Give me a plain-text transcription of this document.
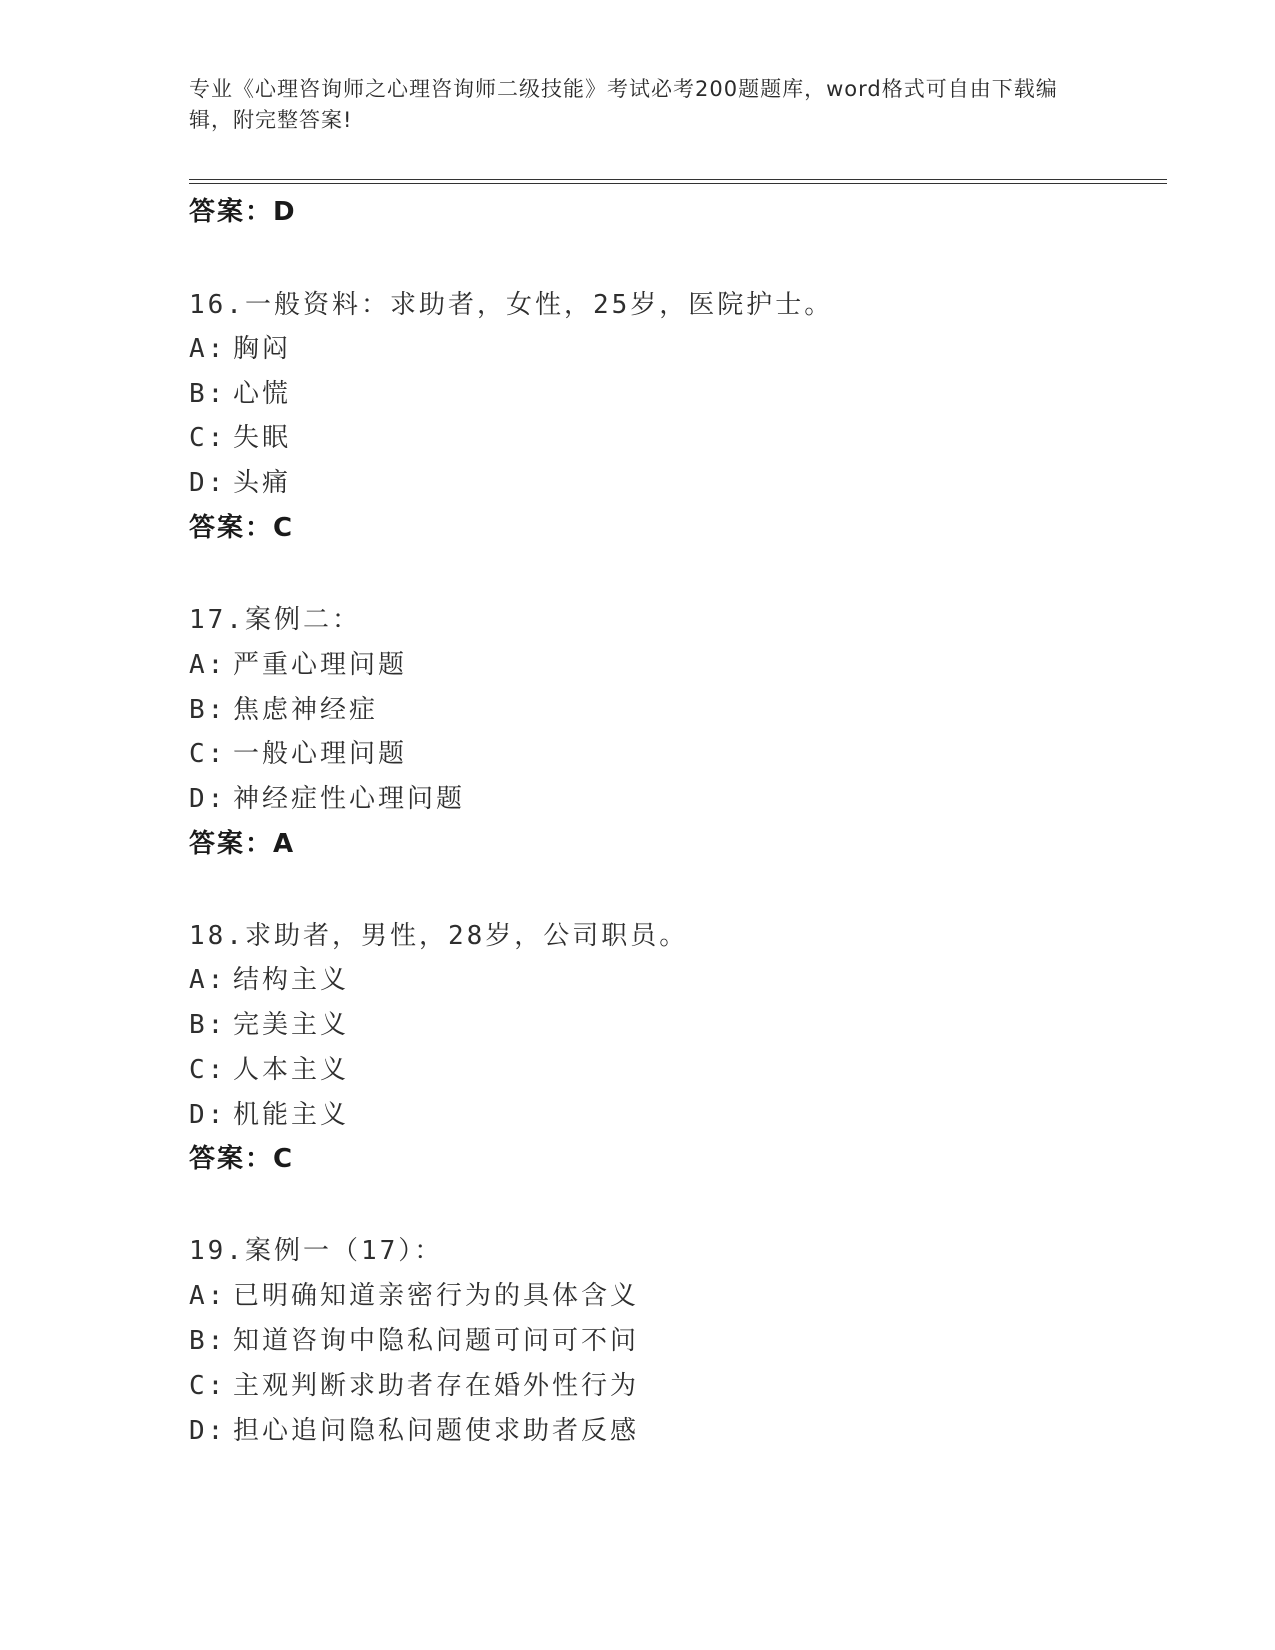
专业《心理咨询师之心理咨询师二级技能》考试必考200题题库，word格式可自由下载编辑，附完整答案!
答案：D
16.一般资料：求助者，女性，25岁，医院护士。
A: 胸闷
B: 心慌
C: 失眠
D: 头痛
答案：C
17.案例二：
A: 严重心理问题
B: 焦虑神经症
C: 一般心理问题
D: 神经症性心理问题
答案：A
18.求助者，男性，28岁，公司职员。
A: 结构主义
B: 完美主义
C: 人本主义
D: 机能主义
答案：C
19.案例一（17）：
A: 已明确知道亲密行为的具体含义
B: 知道咨询中隐私问题可问可不问
C: 主观判断求助者存在婚外性行为
D: 担心追问隐私问题使求助者反感
